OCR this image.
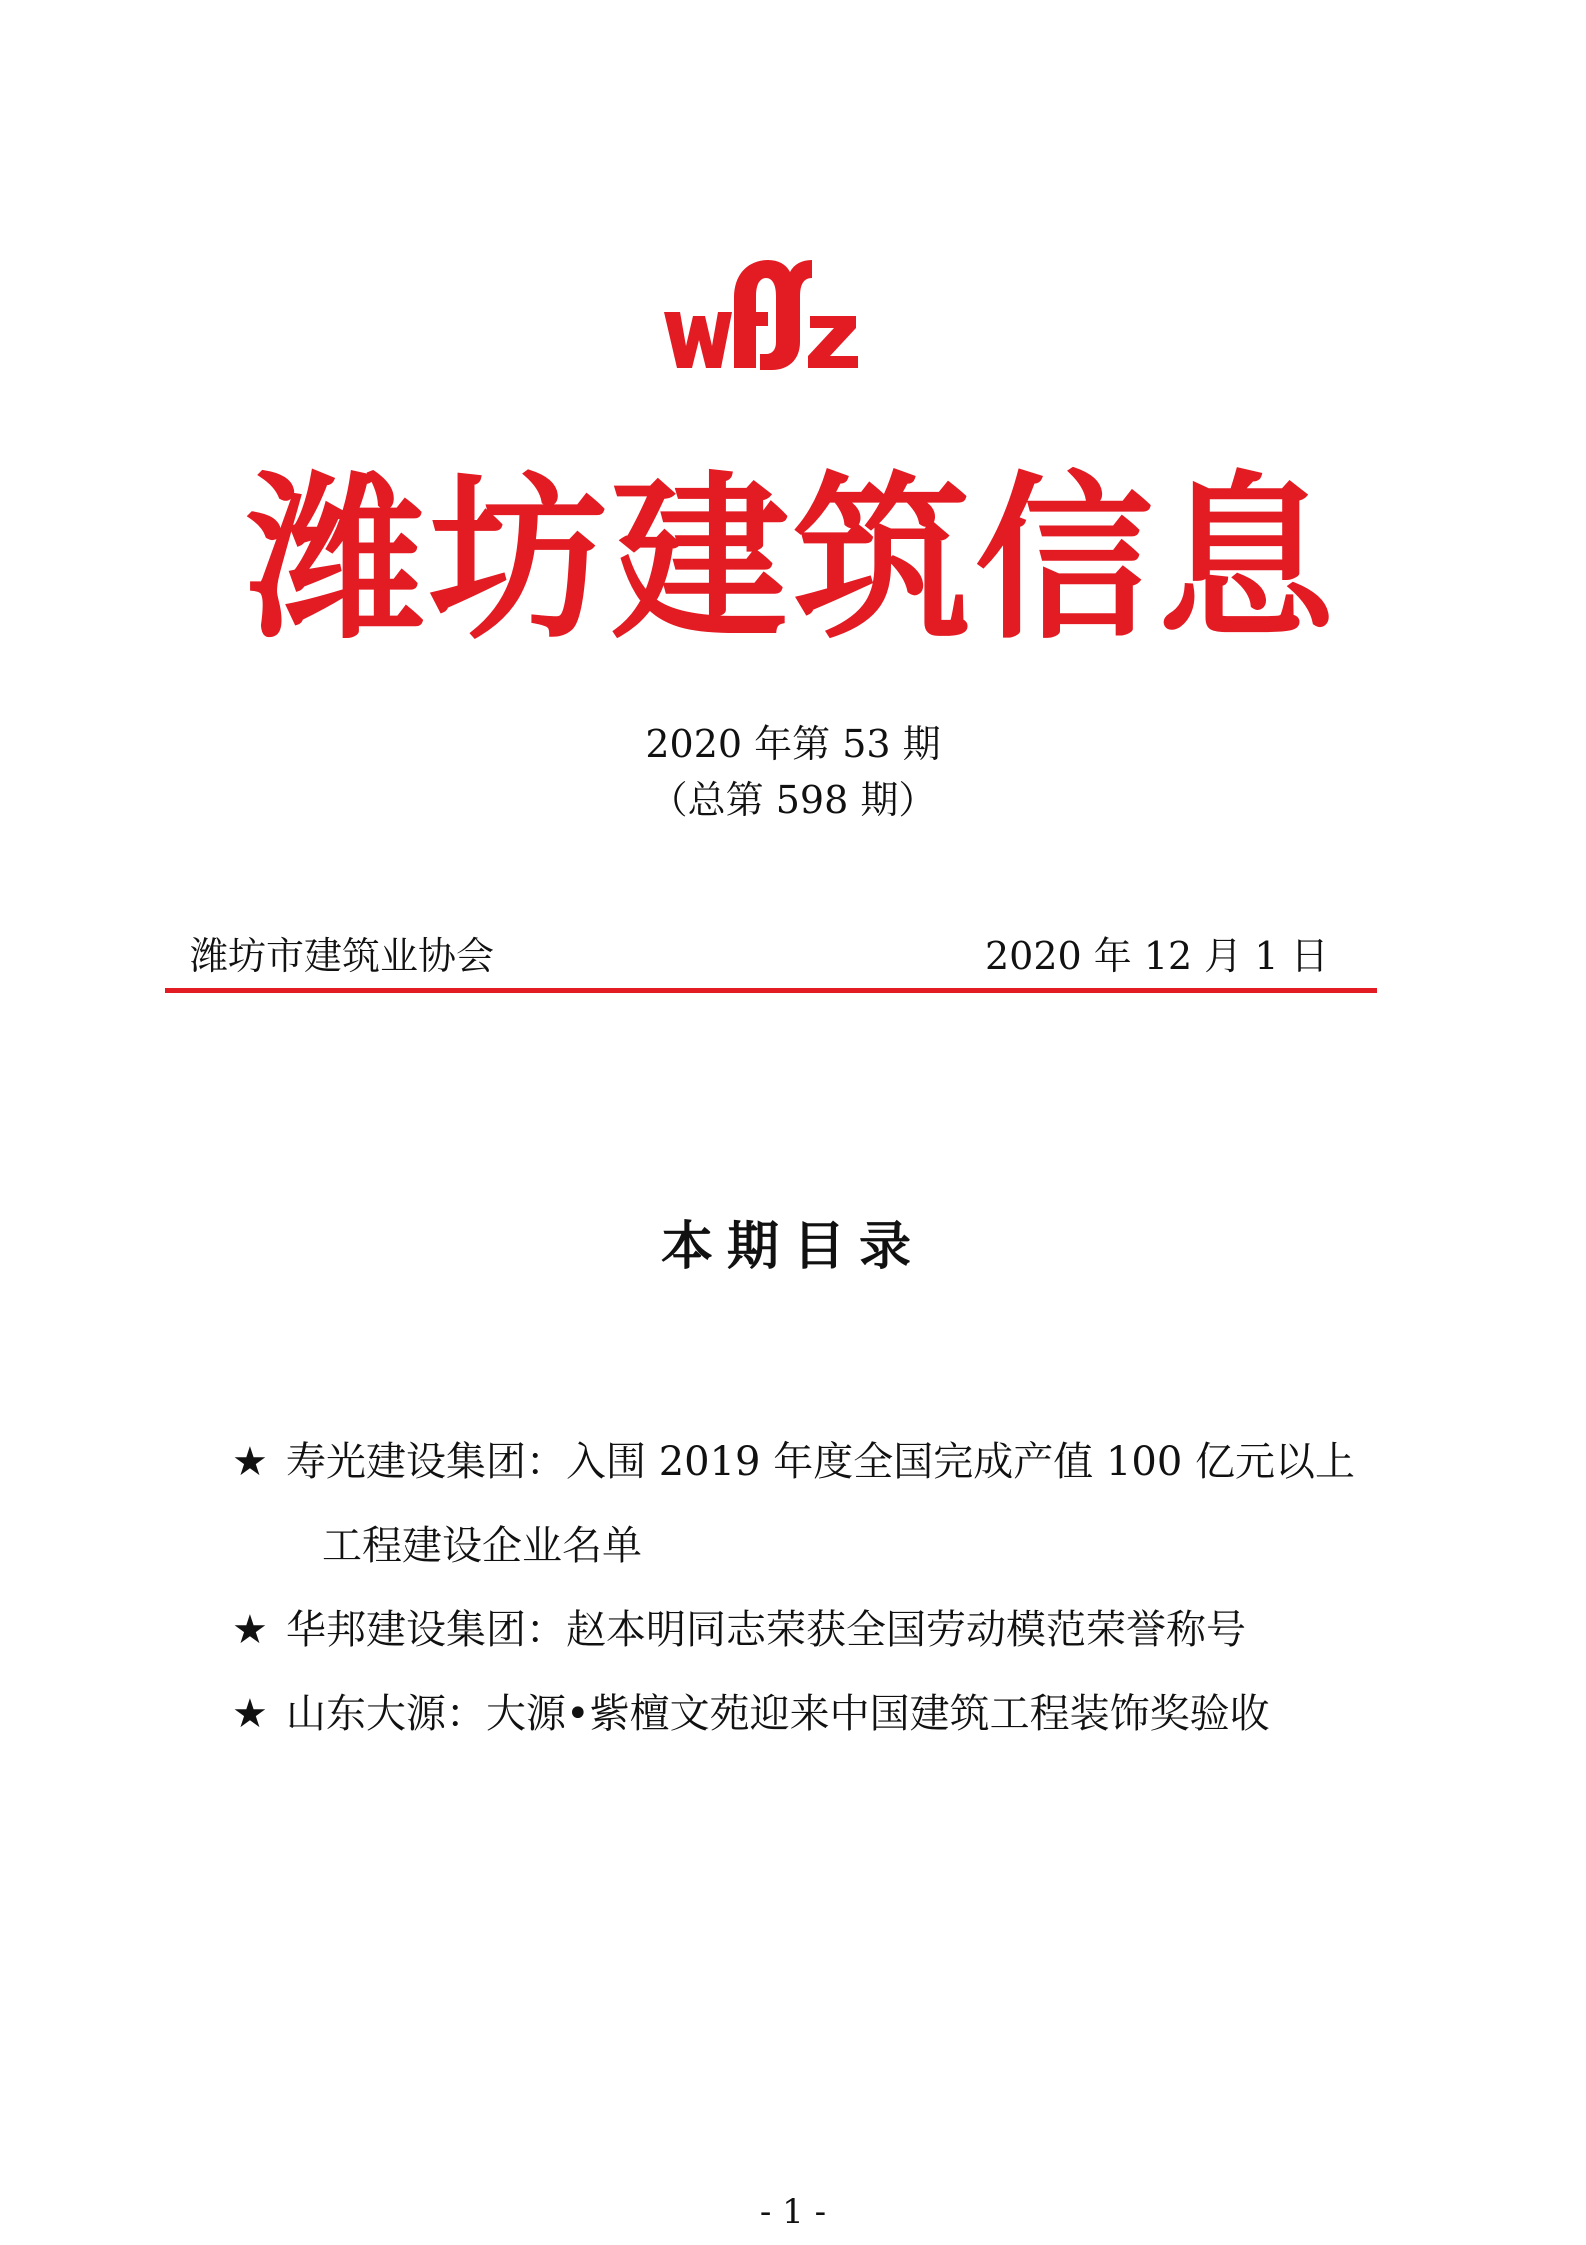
潍坊建筑信息
2020 年第 53 期
（总第 598 期）
潍坊市建筑业协会	2020 年 12 月 1 日
本期目录
★ 寿光建设集团：入围 2019 年度全国完成产值 100 亿元以上
工程建设企业名单
★ 华邦建设集团：赵本明同志荣获全国劳动模范荣誉称号
★ 山东大源：大源•紫檀文苑迎来中国建筑工程装饰奖验收
- 1 -
